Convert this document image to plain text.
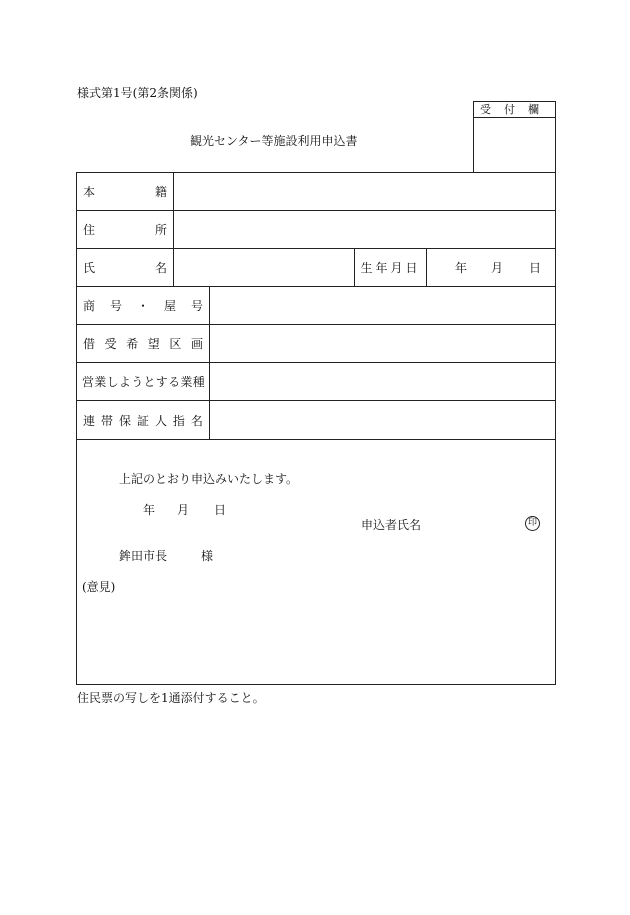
様式第1号(第2条関係)
受付欄
観光センター等施設利用申込書
本	籍
住	所
氏	名	生年月日	年 月 日
商 号 ・ 屋 号
借 受 希 望 区 画
営業しようとする業種
連 帯 保 証 人 指 名
上記のとおり申込みいたします。
年 月 日
申込者氏名	印
鉾田市長	様
(意見)
住民票の写しを1通添付すること。
